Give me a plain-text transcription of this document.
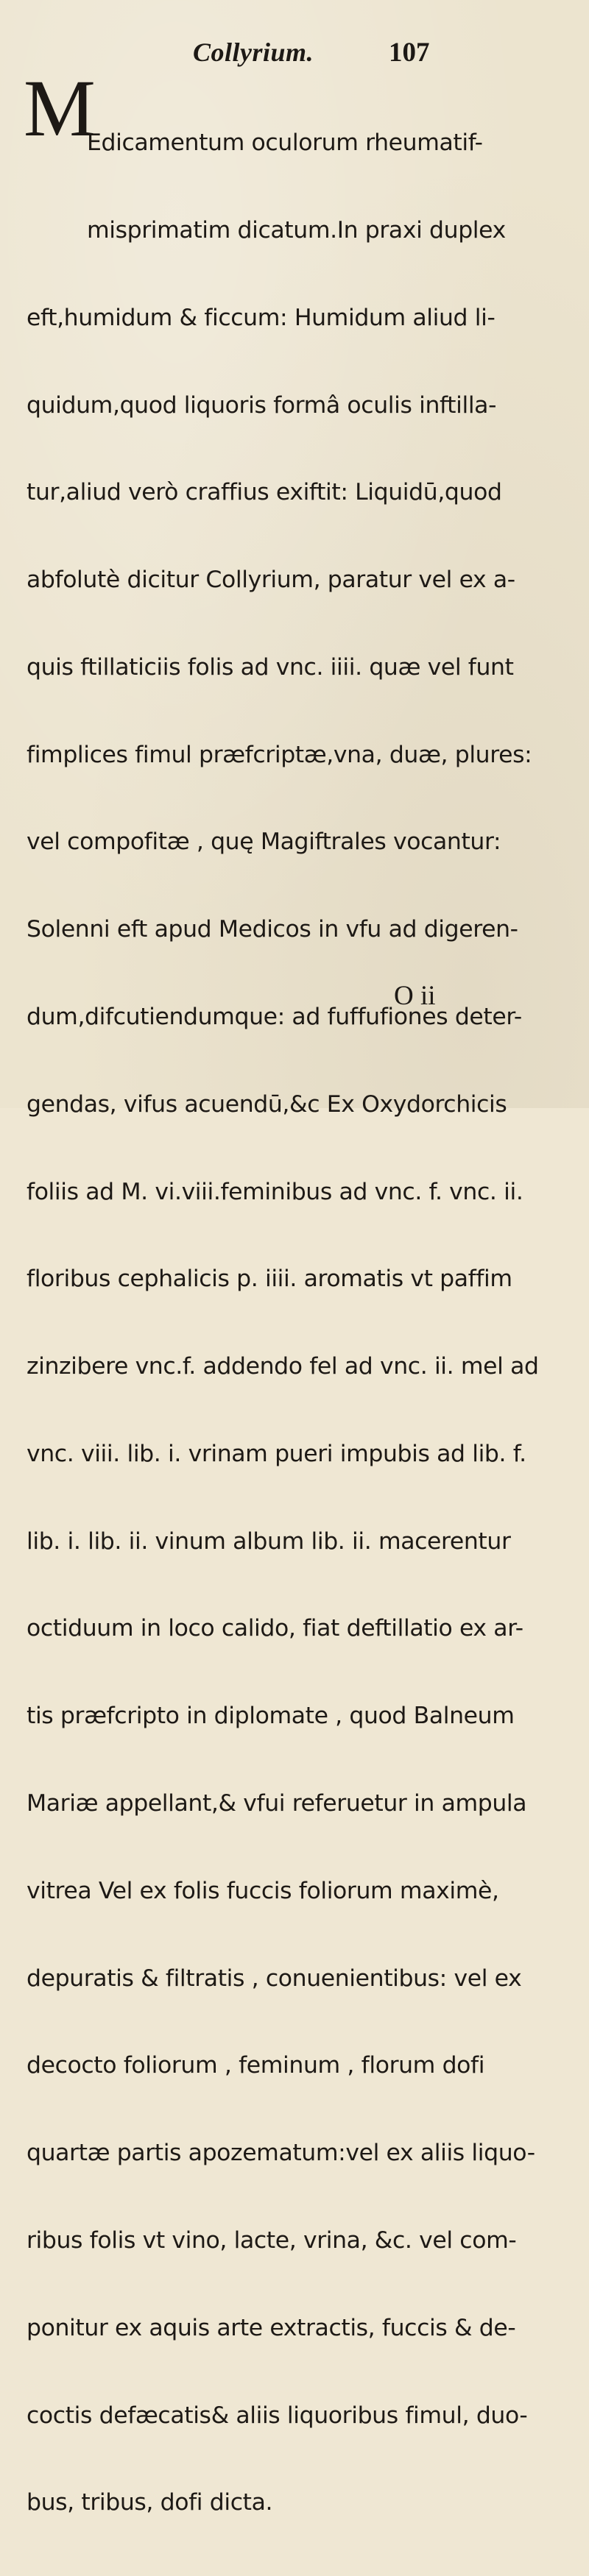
Collyrium.	107
M

Edicamentum oculorum rheumatif-

misprimatim dicatum.In praxi duplex

eft,humidum & ficcum: Humidum aliud li-

quidum,quod liquoris formâ oculis inftilla-

tur,aliud verò craffius exiftit: Liquidū,quod

abfolutè dicitur Collyrium, paratur vel ex a-

quis ftillaticiis folis ad vnc. iiii. quæ vel funt

fimplices fimul præfcriptæ,vna, duæ, plures:

vel compofitæ , quę Magiftrales vocantur:

Solenni eft apud Medicos in vfu ad digeren-

dum,difcutiendumque: ad fuffufiones deter-

gendas, vifus acuendū,&c Ex Oxydorchicis

foliis ad M. vi.viii.feminibus ad vnc. f. vnc. ii.

floribus cephalicis p. iiii. aromatis vt paffim

zinzibere vnc.f. addendo fel ad vnc. ii. mel ad

vnc. viii. lib. i. vrinam pueri impubis ad lib. f.

lib. i. lib. ii. vinum album lib. ii. macerentur

octiduum in loco calido, fiat deftillatio ex ar-

tis præfcripto in diplomate , quod Balneum

Mariæ appellant,& vfui referuetur in ampula

vitrea Vel ex folis fuccis foliorum maximè,

depuratis & filtratis , conuenientibus: vel ex

decocto foliorum , feminum , florum dofi

quartæ partis apozematum:vel ex aliis liquo-

ribus folis vt vino, lacte, vrina, &c. vel com-

ponitur ex aquis arte extractis, fuccis & de-

coctis defæcatis& aliis liquoribus fimul, duo-

bus, tribus, dofi dicta.

O ii
